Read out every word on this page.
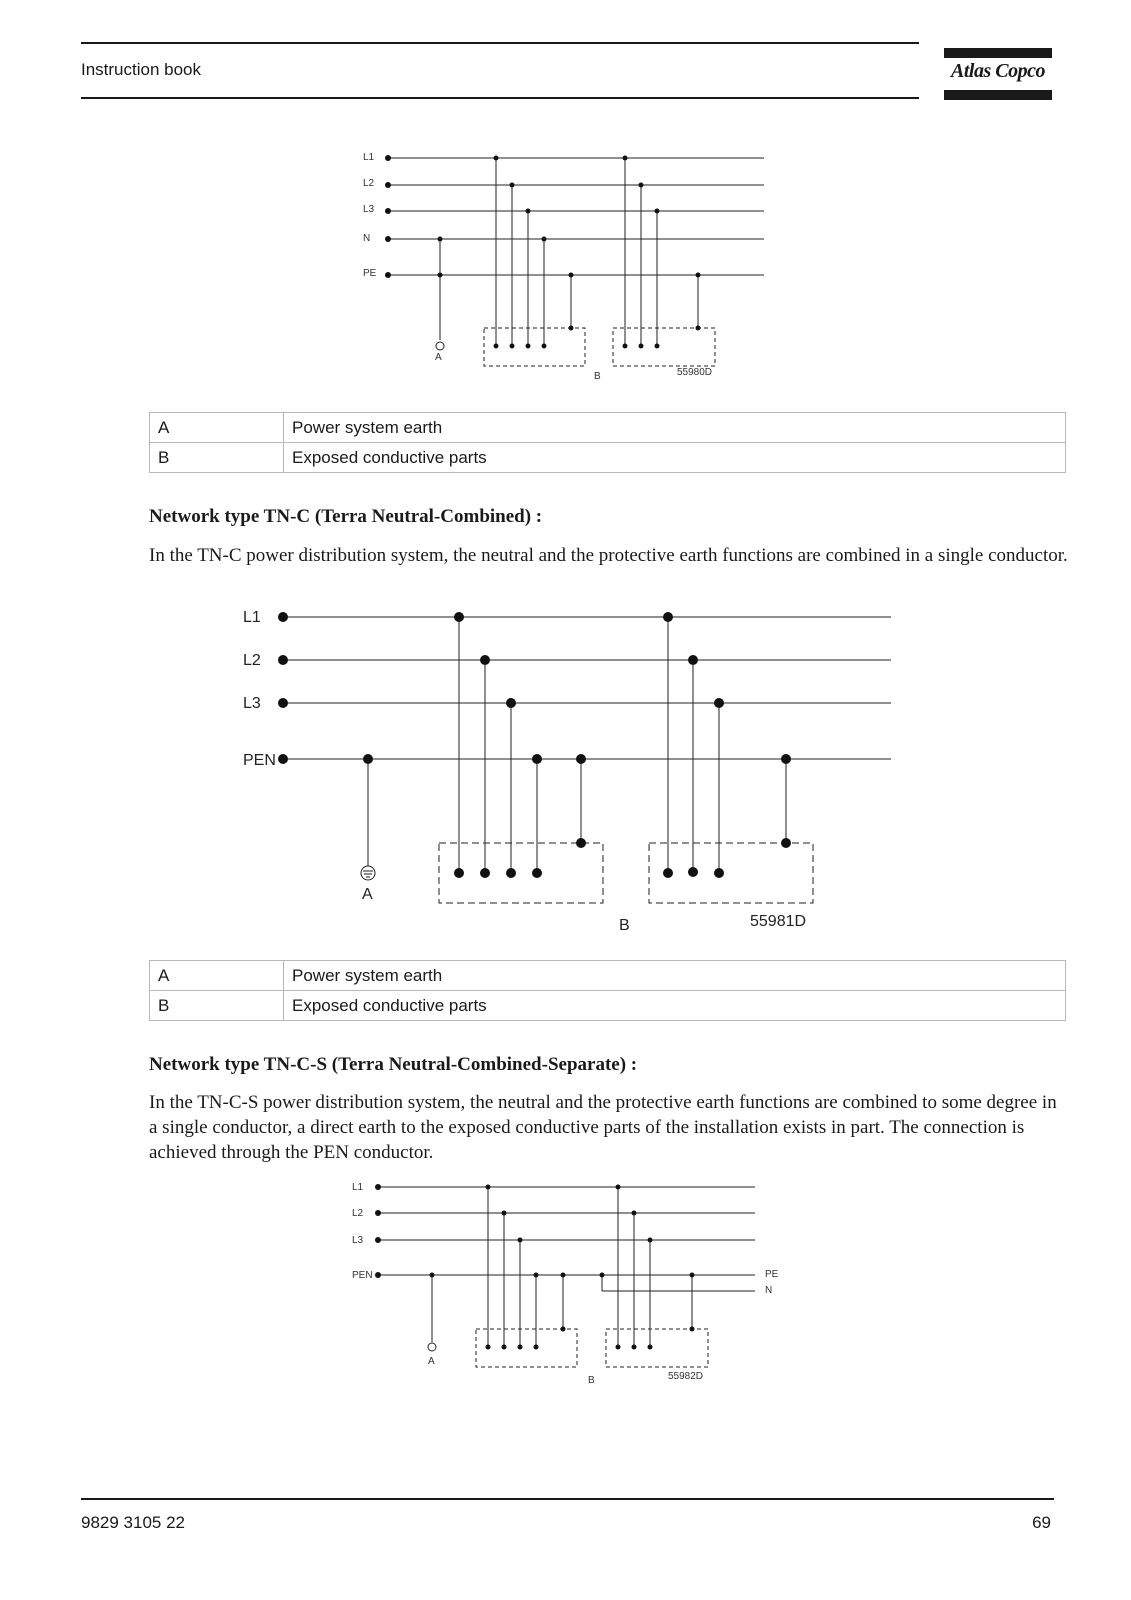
Instruction book	Atlas Copco
L1
L2
L3
N
PE
A
B	55980D
A	Power system earth
B	Exposed conductive parts
Network type TN-C (Terra Neutral-Combined) :
In the TN-C power distribution system, the neutral and the protective earth functions are combined in a single conductor.
L1
L2
L3
PEN
A
B	55981D
A	Power system earth
B	Exposed conductive parts
Network type TN-C-S (Terra Neutral-Combined-Separate) :
In the TN-C-S power distribution system, the neutral and the protective earth functions are combined to some degree in a single conductor, a direct earth to the exposed conductive parts of the installation exists in part. The connection is achieved through the PEN conductor.
L1
L2
L3
PEN	PE
N
A
B	55982D
9829 3105 22	69
